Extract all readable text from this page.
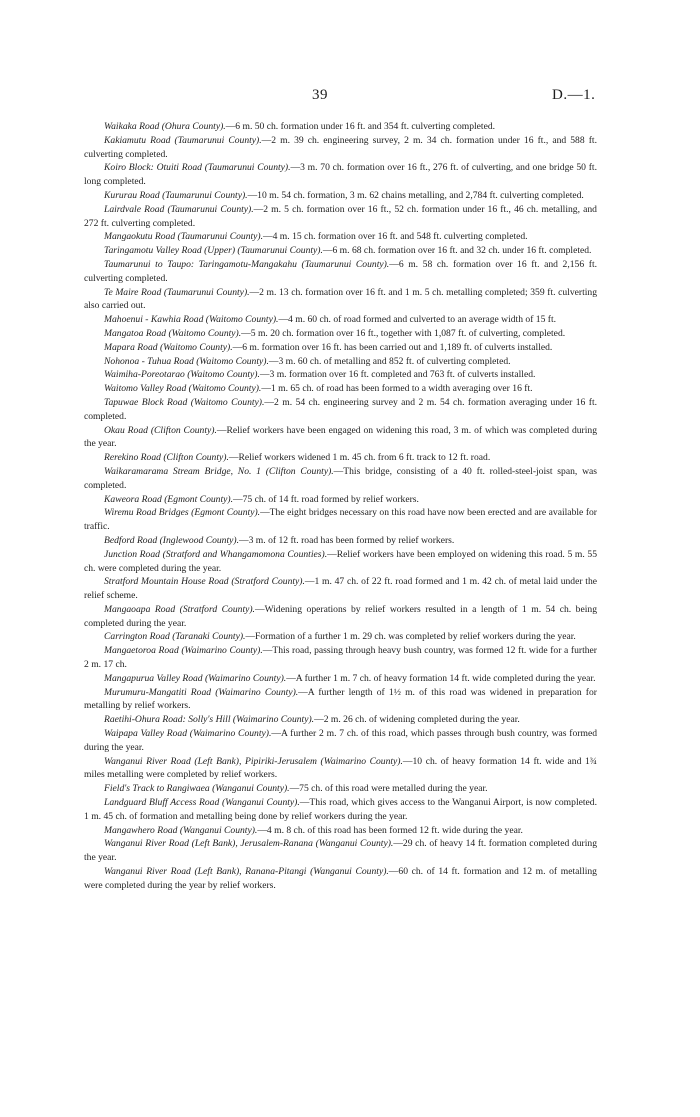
39	D.—1.

Waikaka Road (Ohura County).—6 m. 50 ch. formation under 16 ft. and 354 ft. culverting completed.

Kakiamutu Road (Taumarunui County).—2 m. 39 ch. engineering survey, 2 m. 34 ch. formation under 16 ft., and 588 ft. culverting completed.

Koiro Block: Otuiti Road (Taumarunui County).—3 m. 70 ch. formation over 16 ft., 276 ft. of culverting, and one bridge 50 ft. long completed.

Kururau Road (Taumarunui County).—10 m. 54 ch. formation, 3 m. 62 chains metalling, and 2,784 ft. culverting completed.

Lairdvale Road (Taumarunui County).—2 m. 5 ch. formation over 16 ft., 52 ch. formation under 16 ft., 46 ch. metalling, and 272 ft. culverting completed.

Mangaokutu Road (Taumarunui County).—4 m. 15 ch. formation over 16 ft. and 548 ft. culverting completed.

Taringamotu Valley Road (Upper) (Taumarunui County).—6 m. 68 ch. formation over 16 ft. and 32 ch. under 16 ft. completed.

Taumarunui to Taupo: Taringamotu-Mangakahu (Taumarunui County).—6 m. 58 ch. formation over 16 ft. and 2,156 ft. culverting completed.

Te Maire Road (Taumarunui County).—2 m. 13 ch. formation over 16 ft. and 1 m. 5 ch. metalling completed; 359 ft. culverting also carried out.

Mahoenui - Kawhia Road (Waitomo County).—4 m. 60 ch. of road formed and culverted to an average width of 15 ft.

Mangatoa Road (Waitomo County).—5 m. 20 ch. formation over 16 ft., together with 1,087 ft. of culverting, completed.

Mapara Road (Waitomo County).—6 m. formation over 16 ft. has been carried out and 1,189 ft. of culverts installed.

Nohonoa - Tuhua Road (Waitomo County).—3 m. 60 ch. of metalling and 852 ft. of culverting completed.

Waimiha-Poreotarao (Waitomo County).—3 m. formation over 16 ft. completed and 763 ft. of culverts installed.

Waitomo Valley Road (Waitomo County).—1 m. 65 ch. of road has been formed to a width averaging over 16 ft.

Tapuwae Block Road (Waitomo County).—2 m. 54 ch. engineering survey and 2 m. 54 ch. formation averaging under 16 ft. completed.

Okau Road (Clifton County).—Relief workers have been engaged on widening this road, 3 m. of which was completed during the year.

Rerekino Road (Clifton County).—Relief workers widened 1 m. 45 ch. from 6 ft. track to 12 ft. road.

Waikaramarama Stream Bridge, No. 1 (Clifton County).—This bridge, consisting of a 40 ft. rolled-steel-joist span, was completed.

Kaweora Road (Egmont County).—75 ch. of 14 ft. road formed by relief workers.

Wiremu Road Bridges (Egmont County).—The eight bridges necessary on this road have now been erected and are available for traffic.

Bedford Road (Inglewood County).—3 m. of 12 ft. road has been formed by relief workers.

Junction Road (Stratford and Whangamomona Counties).—Relief workers have been employed on widening this road. 5 m. 55 ch. were completed during the year.

Stratford Mountain House Road (Stratford County).—1 m. 47 ch. of 22 ft. road formed and 1 m. 42 ch. of metal laid under the relief scheme.

Mangaoapa Road (Stratford County).—Widening operations by relief workers resulted in a length of 1 m. 54 ch. being completed during the year.

Carrington Road (Taranaki County).—Formation of a further 1 m. 29 ch. was completed by relief workers during the year.

Mangaetoroa Road (Waimarino County).—This road, passing through heavy bush country, was formed 12 ft. wide for a further 2 m. 17 ch.

Mangapurua Valley Road (Waimarino County).—A further 1 m. 7 ch. of heavy formation 14 ft. wide completed during the year.

Murumuru-Mangatiti Road (Waimarino County).—A further length of 1½ m. of this road was widened in preparation for metalling by relief workers.

Raetihi-Ohura Road: Solly's Hill (Waimarino County).—2 m. 26 ch. of widening completed during the year.

Waipapa Valley Road (Waimarino County).—A further 2 m. 7 ch. of this road, which passes through bush country, was formed during the year.

Wanganui River Road (Left Bank), Pipiriki-Jerusalem (Waimarino County).—10 ch. of heavy formation 14 ft. wide and 1¾ miles metalling were completed by relief workers.

Field's Track to Rangiwaea (Wanganui County).—75 ch. of this road were metalled during the year.

Landguard Bluff Access Road (Wanganui County).—This road, which gives access to the Wanganui Airport, is now completed. 1 m. 45 ch. of formation and metalling being done by relief workers during the year.

Mangawhero Road (Wanganui County).—4 m. 8 ch. of this road has been formed 12 ft. wide during the year.

Wanganui River Road (Left Bank), Jerusalem-Ranana (Wanganui County).—29 ch. of heavy 14 ft. formation completed during the year.

Wanganui River Road (Left Bank), Ranana-Pitangi (Wanganui County).—60 ch. of 14 ft. formation and 12 m. of metalling were completed during the year by relief workers.
